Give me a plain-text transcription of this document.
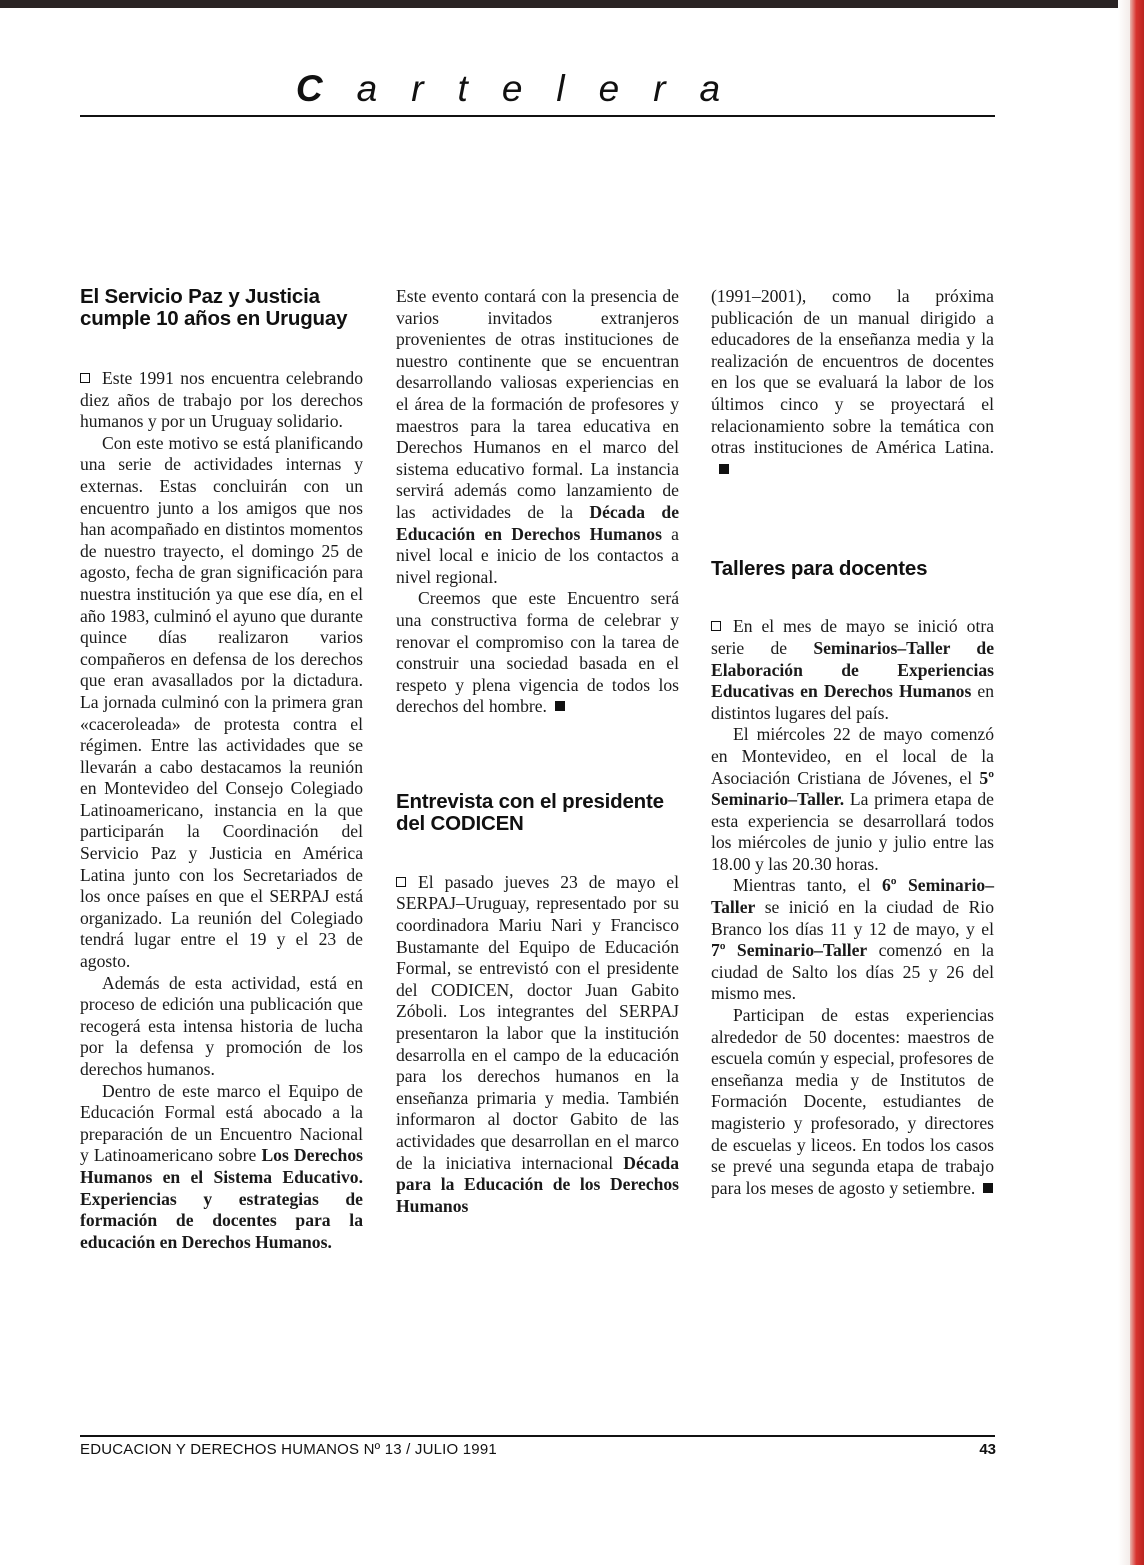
Cartelera
El Servicio Paz y Justicia cumple 10 años en Uruguay

Este 1991 nos encuentra celebrando diez años de trabajo por los derechos humanos y por un Uruguay solidario.

Con este motivo se está planificando una serie de actividades internas y externas. Estas concluirán con un encuentro junto a los amigos que nos han acompañado en distintos momentos de nuestro trayecto, el domingo 25 de agosto, fecha de gran significación para nuestra institución ya que ese día, en el año 1983, culminó el ayuno que durante quince días realizaron varios compañeros en defensa de los derechos que eran avasallados por la dictadura. La jornada culminó con la primera gran «cacerolеada» de protesta contra el régimen. Entre las actividades que se llevarán a cabo destacamos la reunión en Montevideo del Consejo Colegiado Latinoamericano, instancia en la que participarán la Coordinación del Servicio Paz y Justicia en América Latina junto con los Secretariados de los once países en que el SERPAJ está organizado. La reunión del Colegiado tendrá lugar entre el 19 y el 23 de agosto.

Además de esta actividad, está en proceso de edición una publicación que recogerá esta intensa historia de lucha por la defensa y promoción de los derechos humanos.

Dentro de este marco el Equipo de Educación Formal está abocado a la preparación de un Encuentro Nacional y Latinoamericano sobre Los Derechos Humanos en el Sistema Educativo. Experiencias y estrategias de formación de docentes para la educación en Derechos Humanos.

Este evento contará con la presencia de varios invitados extranjeros provenientes de otras instituciones de nuestro continente que se encuentran desarrollando valiosas experiencias en el área de la formación de profesores y maestros para la tarea educativa en Derechos Humanos en el marco del sistema educativo formal. La instancia servirá además como lanzamiento de las actividades de la Década de Educación en Derechos Humanos a nivel local e inicio de los contactos a nivel regional.

Creemos que este Encuentro será una constructiva forma de celebrar y renovar el compromiso con la tarea de construir una sociedad basada en el respeto y plena vigencia de todos los derechos del hombre.

Entrevista con el presidente del CODICEN

El pasado jueves 23 de mayo el SERPAJ–Uruguay, representado por su coordinadora Mariu Nari y Francisco Bustamante del Equipo de Educación Formal, se entrevistó con el presidente del CODICEN, doctor Juan Gabito Zóboli. Los integrantes del SERPAJ presentaron la labor que la institución desarrolla en el campo de la educación para los derechos humanos en la enseñanza primaria y media. También informaron al doctor Gabito de las actividades que desarrollan en el marco de la iniciativa internacional Década para la Educación de los Derechos Humanos

(1991–2001), como la próxima publicación de un manual dirigido a educadores de la enseñanza media y la realización de encuentros de docentes en los que se evaluará la labor de los últimos cinco y se proyectará el relacionamiento sobre la temática con otras instituciones de América Latina.

Talleres para docentes

En el mes de mayo se inició otra serie de Seminarios–Taller de Elaboración de Experiencias Educativas en Derechos Humanos en distintos lugares del país.

El miércoles 22 de mayo comenzó en Montevideo, en el local de la Asociación Cristiana de Jóvenes, el 5º Seminario–Taller. La primera etapa de esta experiencia se desarrollará todos los miércoles de junio y julio entre las 18.00 y las 20.30 horas.

Mientras tanto, el 6º Seminario–Taller se inició en la ciudad de Rio Branco los días 11 y 12 de mayo, y el 7º Seminario–Taller comenzó en la ciudad de Salto los días 25 y 26 del mismo mes.

Participan de estas experiencias alrededor de 50 docentes: maestros de escuela común y especial, profesores de enseñanza media y de Institutos de Formación Docente, estudiantes de magisterio y profesorado, y directores de escuelas y liceos. En todos los casos se prevé una segunda etapa de trabajo para los meses de agosto y setiembre.

EDUCACION Y DERECHOS HUMANOS Nº 13 / JULIO 1991	43
